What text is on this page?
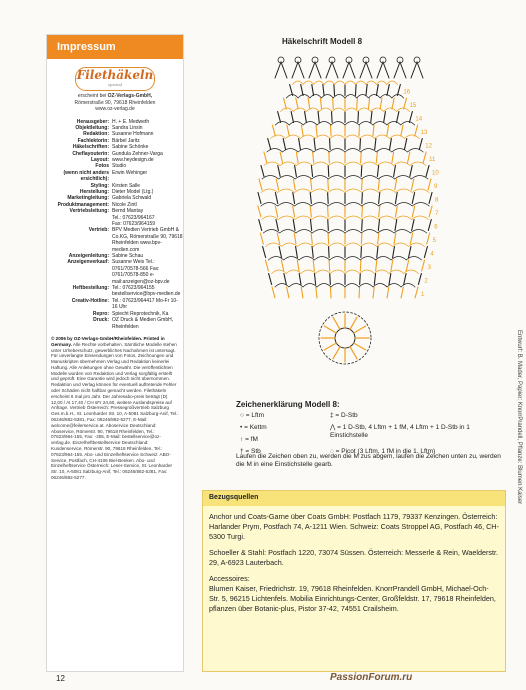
Impressum
Filethäkeln
spezial
erscheint bei OZ-Verlags-GmbH,
Römerstraße 90, 79618 Rheinfelden
www.oz-verlag.de
Herausgeber: H. + E. Medweth
Objektleitung: Sandra Linsin
Redaktion: Susanne Hofmann
Fachlektorin: Bärbel Jaritz
Häkelschriften: Sabine Schönke
Cheflayouterin: Gundula Zehner-Varga
Layout: www.heydesign.de
Fotos Studio
(wenn nicht anders ersichtlich):
Erwin Wehinger
Styling: Kirsten Salle
Herstellung: Dieter Model (Ltg.)
Marketingleitung: Gabriela Schwald
Produktmanagement: Nicole Zintl
Vertriebsleitung: Bernd Mantay
Tel.: 07623/964167
Fax: 07623/964159
Vertrieb: BPV Medien Vertrieb GmbH & Co.KG, Römerstraße 90, 79618 Rheinfelden www.bpv-medien.com
Anzeigenleitung: Sabine Schau
Anzeigenverkauf: Susanne Weis Tel.: 0761/70578-566 Fax: 0761/70578-850 e-mail:anzeigen@oz-bpv.de
Heftbestellung: Tel.: 07623/964155 bestellservice@bpv-medien.de
Creativ-Hotline: Tel.: 07623/964417 Mo-Fr 10-16 Uhr
Repro: Spiecht Reprotechnik, Ka
Druck: OZ Druck & Medien GmbH, Rheinfelden
© 2006 by OZ-Verlags-GmbH/Rheinfelden. Printed in Germany. Alle Rechte vorbehalten. Sämtliche Modelle stehen unter Urheberschutz, gewerbliches Nachahmen ist untersagt. Für unverlangte Einsendungen von Fotos, Zeichnungen und Manuskripten übernehmen Verlag und Redaktion keinerlei Haftung. Alle Anleitungen ohne Gewähr. Die veröffentlichten Modelle wurden von Redaktion und Verlag sorgfältig erstellt und geprüft. Eine Garantie wird jedoch nicht übernommen. Redaktion und Verlag können für eventuell auftretende Fehler oder Schäden nicht haftbar gemacht werden. Filethäkeln erscheint 6 mal pro Jahr. Der Jahresabo-preis beträgt (D) 12,00 / At 17,40 / CH sFr 24,60, weitere Auslandspreise auf Anfrage. Vertrieb Österreich: Pressegroßvertrieb Salzburg Ges.m.b.H., St. Leonharder Str. 10, A-5081 Salzburg-Anif, Tel.: 06246/882-5381, Fax: 06246/882-5277, E-Mail: welcome@feilerservice.at. Aboservice Deutschland: Aboservice, Römerstr. 90, 79618 Rheinfelden, Tel.: 07623/964-155, Fax: -255, E-Mail: bestellservice@oz-verlag.de. Einzelheftbestellservice Deutschland: Kundenservice, Römerstr. 90, 79618 Rheinfelden, Tel.: 07623/964-155. Abo- und Einzelheftservice Schweiz: ABO-Service, Postfach, CH-4106 Biel-Benken. Abo- und Einzelheftservice Österreich: Leser-Service, St. Leonharder Str. 10, A-5081 Salzburg-Anif, Tel.: 06246/882-5381, Fax: 06246/882-5277.
Häkelschrift Modell 8
1
2
3
4
5
6
7
8
9
10
11
12
13
14
15
16
Zeichenerklärung Modell 8:
○ = Lftm
• = Kettm
↑ = fM
† = Stb
‡ = D-Stb
⋀ = 1 D-Stb, 4 Lftm + 1 fM, 4 Lftm + 1 D-Stb in 1 Einstichstelle
◌ = Picot (3 Lftm, 1 fM in die 1. Lftm)
Laufen die Zeichen oben zu, werden die M zus abgem, laufen die Zeichen unten zu, werden die M in eine Einstichstelle gearb.
Bezugsquellen
Anchor und Coats-Garne über Coats GmbH: Postfach 1179, 79337 Kenzingen. Österreich: Harlander Prym, Postfach 74, A-1211 Wien. Schweiz: Coats Stroppel AG, Postfach 46, CH-5300 Turgi.
Schoeller & Stahl: Postfach 1220, 73074 Süssen. Österreich: Messerle & Rein, Waelderstr. 29, A-6923 Lauterbach.
Accessoires:
Blumen Kaiser, Friedrichstr. 19, 79618 Rheinfelden. KnorrPrandell GmbH, Michael-Och-Str. 5, 96215 Lichtenfels. Mobilia Einrichtungs-Center, Großfeldstr. 17, 79618 Rheinfelden, pflanzen über Botanic-plus, Pistor 37-42, 74551 Crailsheim.
Entwurf: B. Mader, Papier: KnorrPrandell, Pflanze: Blumen Kaiser
12	PassionForum.ru
